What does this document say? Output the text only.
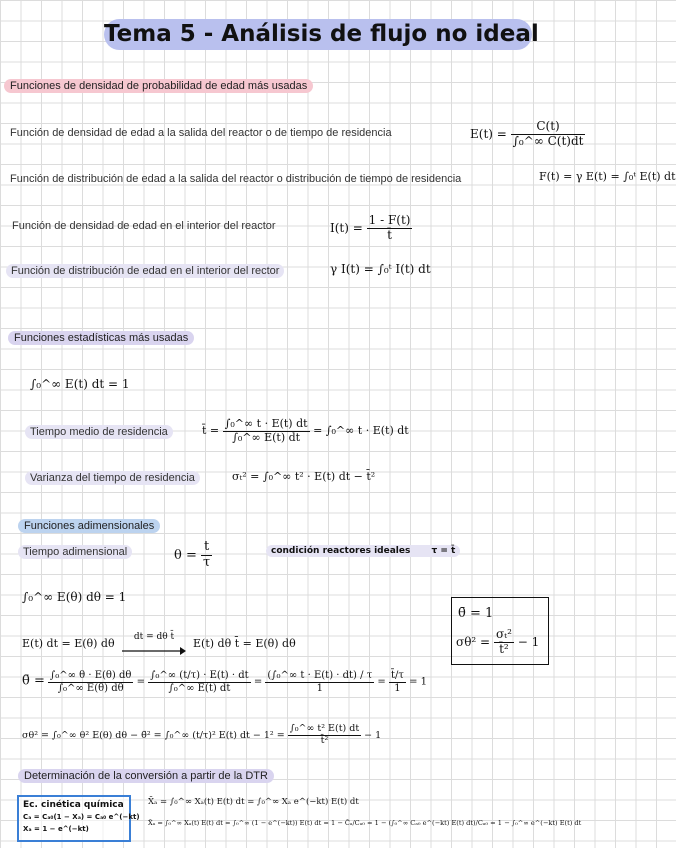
Tema 5 - Análisis de flujo no ideal
Funciones de densidad de probabilidad de edad más usadas
Función de densidad de edad a la salida del reactor o de tiempo de residencia	$E(t) = \frac{C(t)}{\text{∫₀\textasciicircum{}∞ C(t)dt}}$
Función de distribución de edad a la salida del reactor o distribución de tiempo de residencia	F(t) = γ E(t) = ∫₀ᵗ E(t) dt
Función de densidad de edad en el interior del reactor	$I(t) = \frac{1 - F(t)}{t̄}$
Función de distribución de edad en el interior del rector	γ I(t) = ∫₀ᵗ I(t) dt
Funciones estadísticas más usadas
∫₀^∞ E(t) dt = 1
Tiempo medio de residencia	t̄ = $\frac{\text{∫₀\textasciicircum{}∞ t · E(t) dt}}{\text{∫₀\textasciicircum{}∞ E(t) dt}}$ = ∫₀^∞ t · E(t) dt
Varianza del tiempo de residencia	σₜ² = ∫₀^∞ t² · E(t) dt − t̄²
Funciones adimensionales
Tiempo adimensional	$\theta = \frac{t}{\tau}$	condición reactores ideales τ = t̄
∫₀^∞ E(θ) dθ = 1
θ̄ = 1
$\sigma\theta^2 = \frac{\text{σₜ²}}{\text{t̄²}} - 1$
E(t) dt = E(θ) dθ	dt = dθ t̄	E(t) dθ t̄ = E(θ) dθ
θ̄ = $\frac{\text{∫₀\textasciicircum{}∞ θ · E(θ) dθ}}{\text{∫₀\textasciicircum{}∞ E(θ) dθ}} = \frac{\text{∫₀\textasciicircum{}∞ (t/τ) · E(t) · dt}}{\text{∫₀\textasciicircum{}∞ E(t) dt}} = \frac{\text{(∫₀\textasciicircum{}∞ t · E(t) · dt) / τ}}{1} = \frac{t̄/\tau}{1} = 1$
σθ² = ∫₀^∞ θ² E(θ) dθ − θ̄² = ∫₀^∞ (t/τ)² E(t) dt − $1^2 = \frac{\text{∫₀\textasciicircum{}∞ t² E(t) dt}}{\text{t̄²}} - 1$
Determinación de la conversión a partir de la DTR
Ec. cinética química
Cₐ = Cₐ₀(1 − Xₐ) = Cₐ₀ e^(−kt)
Xₐ = 1 − e^(−kt)
X̄ₐ = ∫₀^∞ Xₐ(t) E(t) dt = ∫₀^∞ Xₐ e^(−kt) E(t) dt
X̄ₐ = ∫₀^∞ Xₐ(t) E(t) dt = ∫₀^∞ (1 − e^(−kt)) E(t) dt = 1 − C̄ₐ/Cₐ₀ = 1 − (∫₀^∞ Cₐ₀ e^(−kt) E(t) dt)/Cₐ₀ = 1 − ∫₀^∞ e^(−kt) E(t) dt
